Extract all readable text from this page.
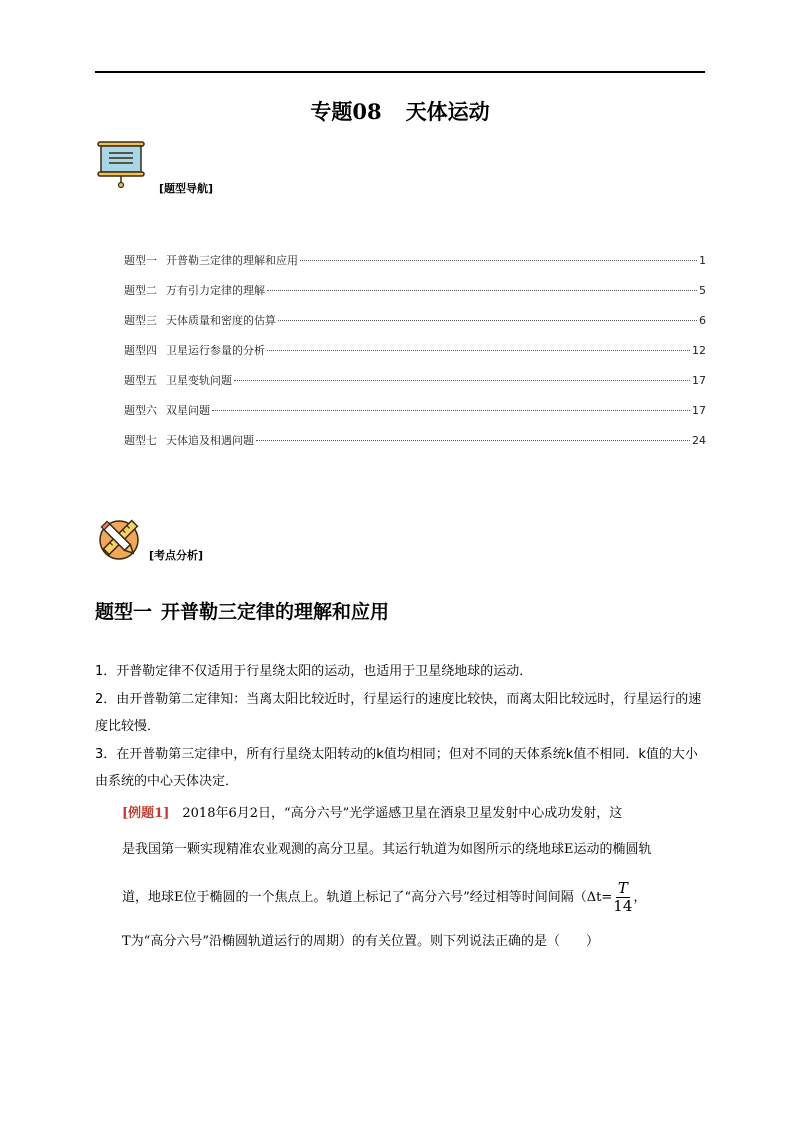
专题08 天体运动
[题型导航]
题型一 开普勒三定律的理解和应用	1
题型二 万有引力定律的理解	5
题型三 天体质量和密度的估算	6
题型四 卫星运行参量的分析	12
题型五 卫星变轨问题	17
题型六 双星问题	17
题型七 天体追及相遇问题	24
[考点分析]
题型一 开普勒三定律的理解和应用
1．开普勒定律不仅适用于行星绕太阳的运动，也适用于卫星绕地球的运动．
2．由开普勒第二定律知：当离太阳比较近时，行星运行的速度比较快，而离太阳比较远时，行星运行的速度比较慢．
3．在开普勒第三定律中，所有行星绕太阳转动的k值均相同；但对不同的天体系统k值不相同．k值的大小由系统的中心天体决定．
[例题1]　 2018年6月2日，“高分六号”光学遥感卫星在酒泉卫星发射中心成功发射，这
是我国第一颗实现精准农业观测的高分卫星。其运行轨道为如图所示的绕地球E运动的椭圆轨
道，地球E位于椭圆的一个焦点上。轨道上标记了“高分六号”经过相等时间间隔（$\Delta t= \frac{T}{14}$ ，
T为“高分六号”沿椭圆轨道运行的周期）的有关位置。则下列说法正确的是（　　）
